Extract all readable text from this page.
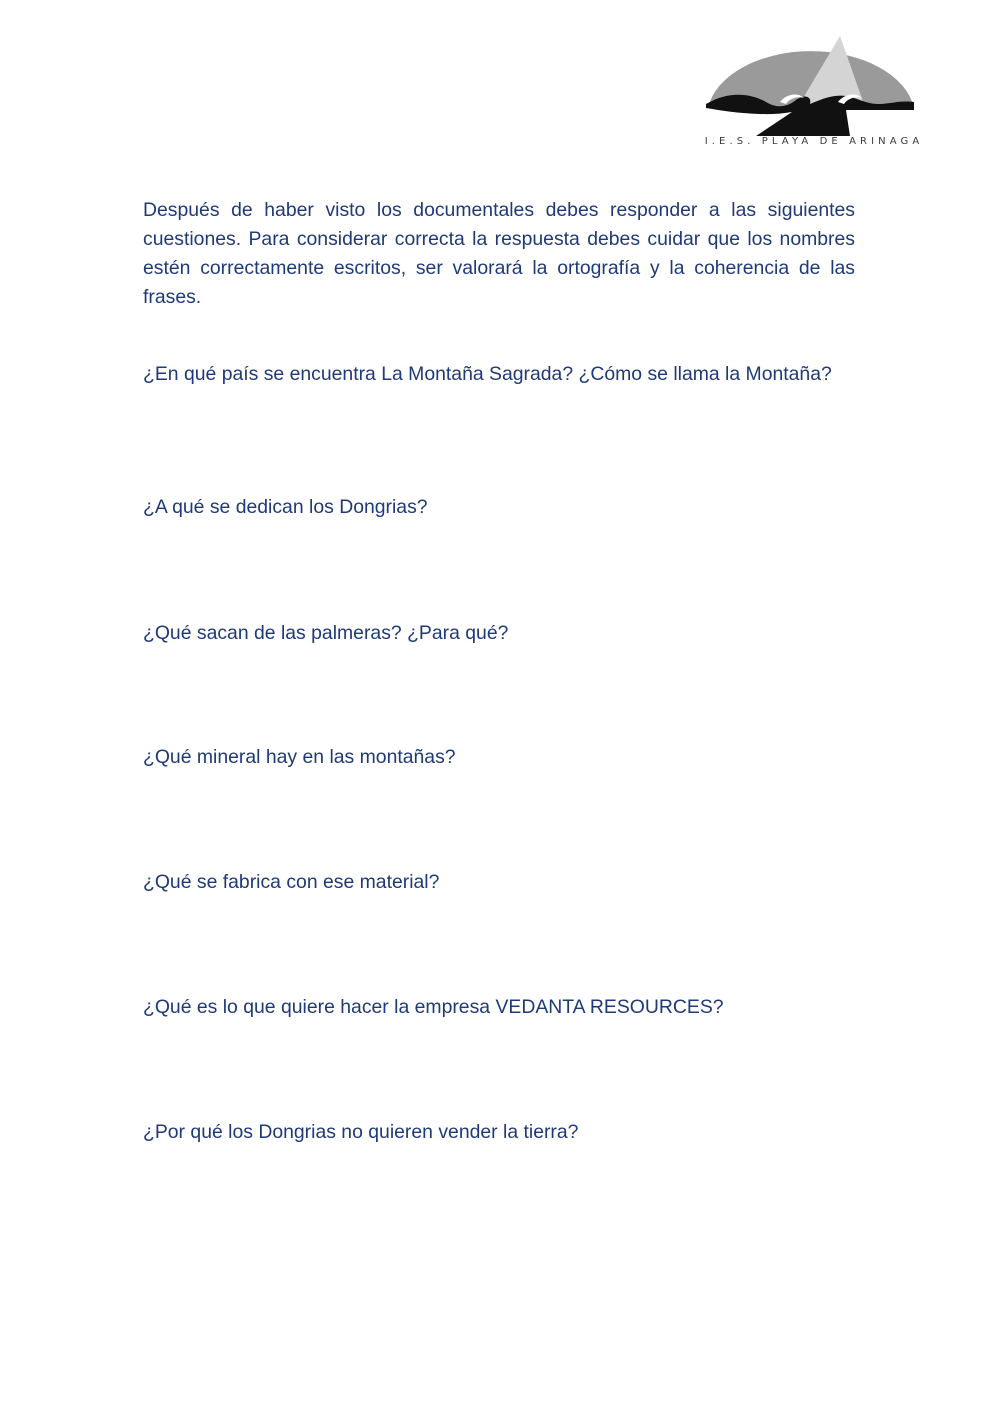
I.E.S. PLAYA DE ARINAGA

Después de haber visto los documentales debes responder a las siguientes cuestiones. Para considerar correcta la respuesta debes cuidar que los nombres estén correctamente escritos, ser valorará la ortografía y la coherencia de las frases.

¿En qué país se encuentra La Montaña Sagrada? ¿Cómo se llama la Montaña?

¿A qué se dedican los Dongrias?

¿Qué sacan de las palmeras? ¿Para qué?

¿Qué mineral hay en las montañas?

¿Qué se fabrica con ese material?

¿Qué es lo que quiere hacer la empresa VEDANTA RESOURCES?

¿Por qué los Dongrias no quieren vender la tierra?
